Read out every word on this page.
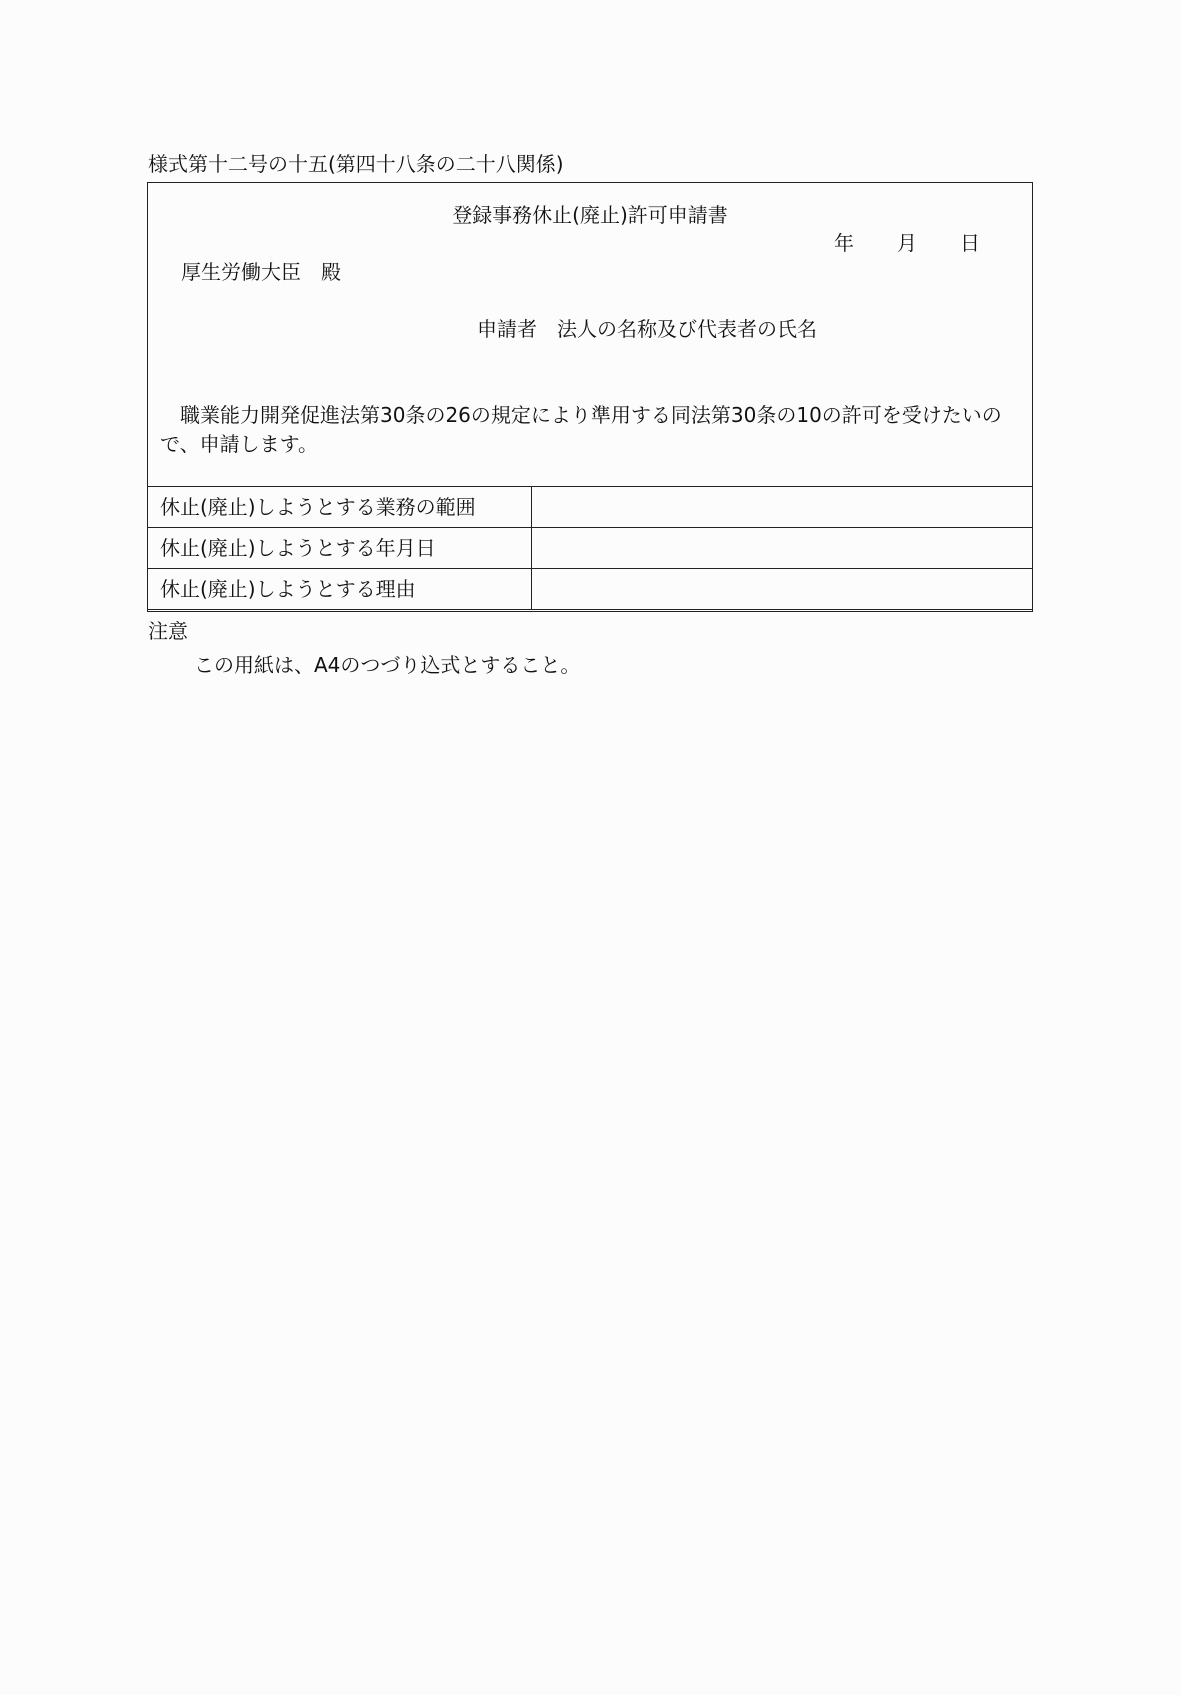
様式第十二号の十五(第四十八条の二十八関係)
登録事務休止(廃止)許可申請書
年 月 日
厚生労働大臣　殿
申請者　法人の名称及び代表者の氏名
職業能力開発促進法第30条の26の規定により準用する同法第30条の10の許可を受けたいので、申請します。
休止(廃止)しようとする業務の範囲	
休止(廃止)しようとする年月日	
休止(廃止)しようとする理由	
注意
この用紙は、A4のつづり込式とすること。
